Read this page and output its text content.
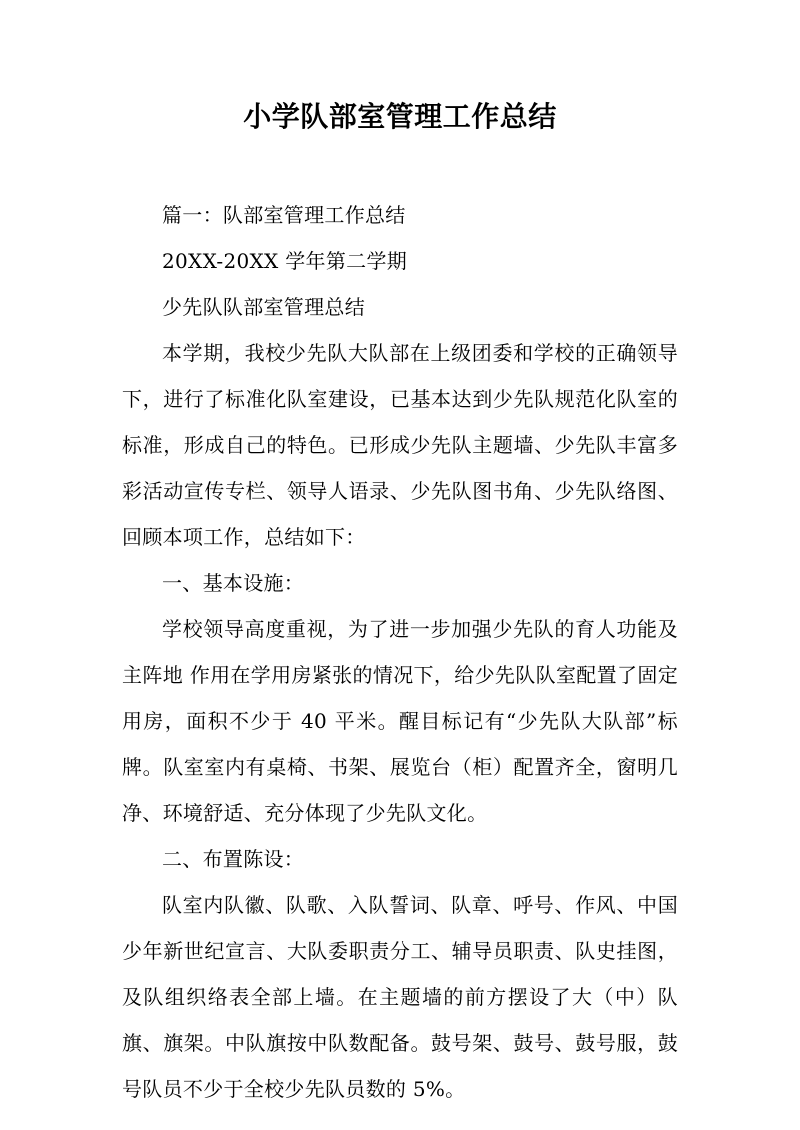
小学队部室管理工作总结

篇一：队部室管理工作总结

20XX-20XX 学年第二学期

少先队队部室管理总结

本学期，我校少先队大队部在上级团委和学校的正确领导下，进行了标准化队室建设，已基本达到少先队规范化队室的标准，形成自己的特色。已形成少先队主题墙、少先队丰富多彩活动宣传专栏、领导人语录、少先队图书角、少先队络图、回顾本项工作，总结如下：

一、基本设施：

学校领导高度重视，为了进一步加强少先队的育人功能及主阵地 作用在学用房紧张的情况下，给少先队队室配置了固定用房，面积不少于 40 平米。醒目标记有“少先队大队部”标牌。队室室内有桌椅、书架、展览台（柜）配置齐全，窗明几净、环境舒适、充分体现了少先队文化。

二、布置陈设：

队室内队徽、队歌、入队誓词、队章、呼号、作风、中国少年新世纪宣言、大队委职责分工、辅导员职责、队史挂图，及队组织络表全部上墙。在主题墙的前方摆设了大（中）队旗、旗架。中队旗按中队数配备。鼓号架、鼓号、鼓号服，鼓号队员不少于全校少先队员数的 5%。
